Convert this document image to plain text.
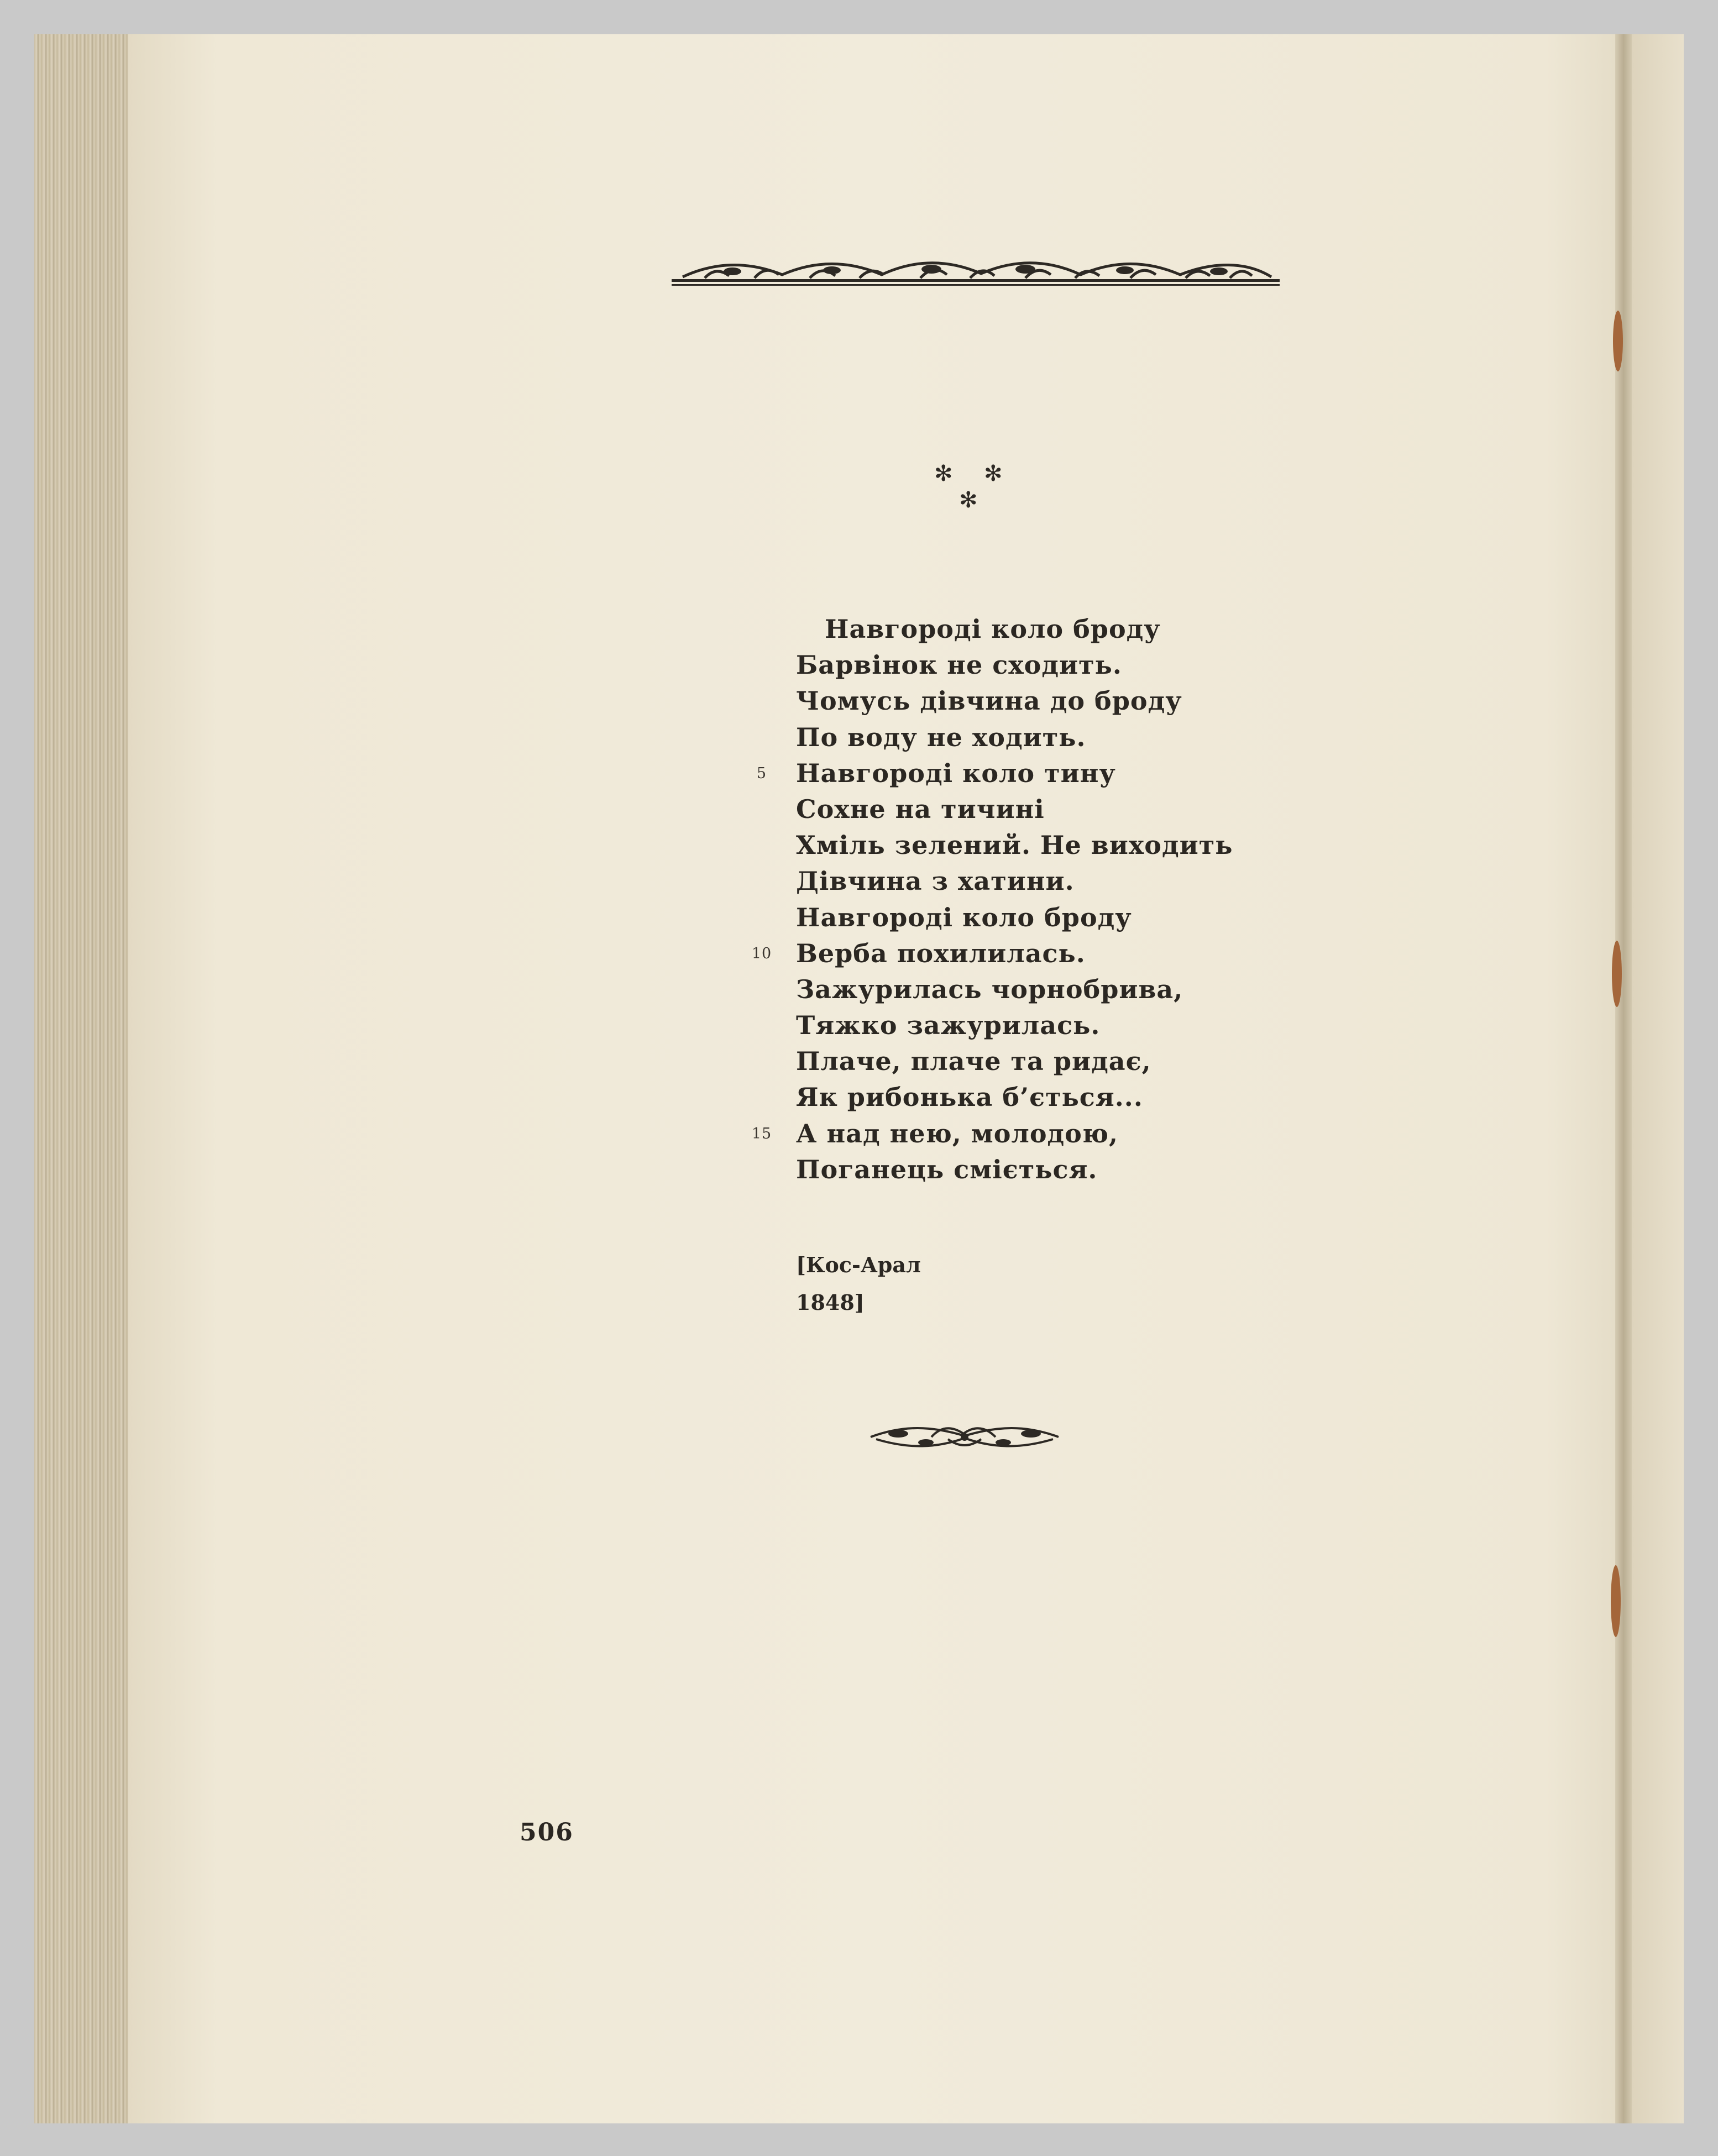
✻ ✻
✻
Навгороді коло броду
Барвінок не сходить.
Чомусь дівчина до броду
По воду не ходить.
5	Навгороді коло тину
Сохне на тичині
Хміль зелений. Не виходить
Дівчина з хатини.
Навгороді коло броду
10 Верба похилилась.
Зажурилась чорнобрива,
Тяжко зажурилась.
Плаче, плаче та ридає,
Як рибонька б’ється...
15 А над нею, молодою,
Поганець сміється.
[Кос-Арал
1848]
506
